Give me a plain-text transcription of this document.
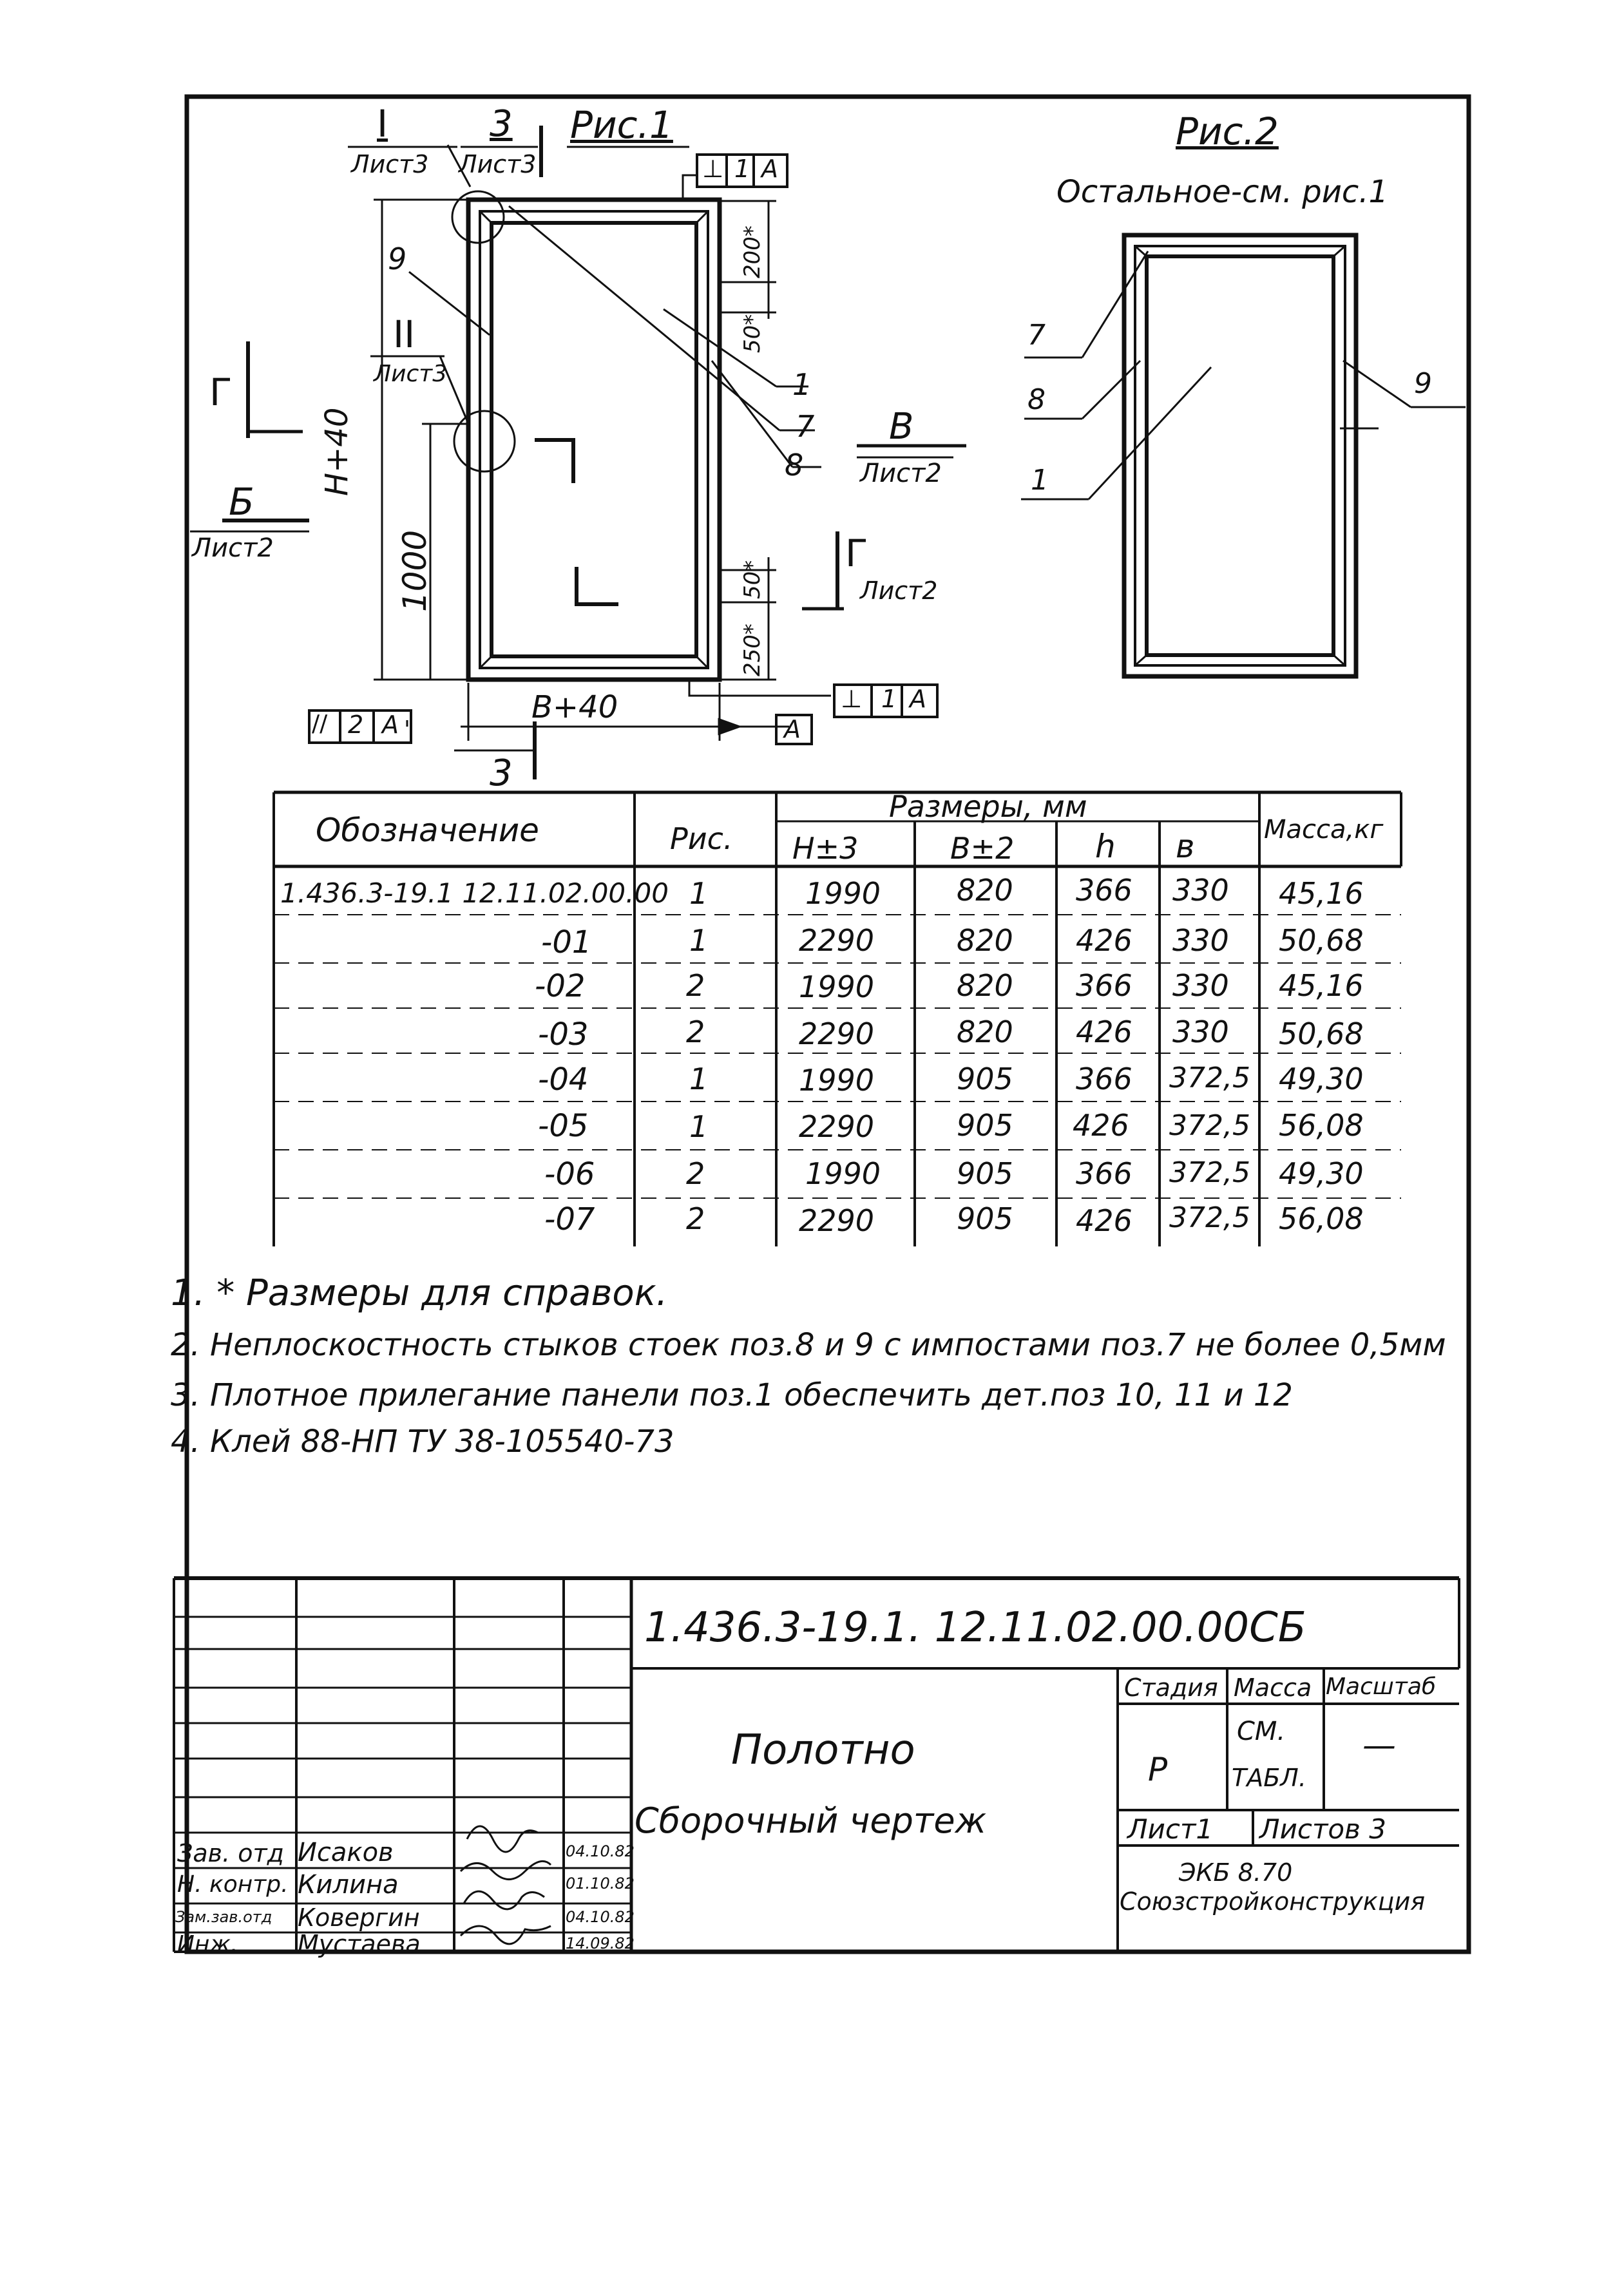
Рис.1
I
Лист3
3
Лист3
II
Лист3
Г
Б
Лист2
В
Лист2
Г
Лист2
3
H+40
1000
B+40
200*
50*
50*
250*
9
1
7
8
⊥ 1 A
⊥ 1 A
// 2 A	A
Рис.2
Остальное-см. рис.1
7
8
1
9
Обозначение	Рис.
Размеры, мм
H±3	B±2	h в	Масса,кг
1.436.3-19.1 12.11.02.00.00 1	1990	820 366 330 45,16
-01	1	2290	820 426 330 50,68
-02	2	1990	820 366 330 45,16
-03	2	2290	820 426 330 50,68
-04	1	1990	905 366 372,5 49,30
-05	1	2290	905 426 372,5 56,08
-06	2	1990	905 366 372,5 49,30
-07	2	2290	905 426 372,5 56,08
1. * Размеры для справок.
2. Неплоскостность стыков стоек поз.8 и 9 с импостами поз.7 не более 0,5мм
3. Плотное прилегание панели поз.1 обеспечить дет.поз 10, 11 и 12
4. Клей 88-НП ТУ 38-105540-73
1.436.3-19.1. 12.11.02.00.00СБ
Полотно
Сборочный чертеж
Стадия Масса Масштаб
Р
СМ.
ТАБЛ.
—
Лист1 Листов 3
ЭКБ 8.70
Союзстройконструкция
Зав. отд Исаков	04.10.82
Н. контр. Килина	01.10.82
Зам.зав.отд Ковергин	04.10.82
Инж. Мустаева	14.09.82
